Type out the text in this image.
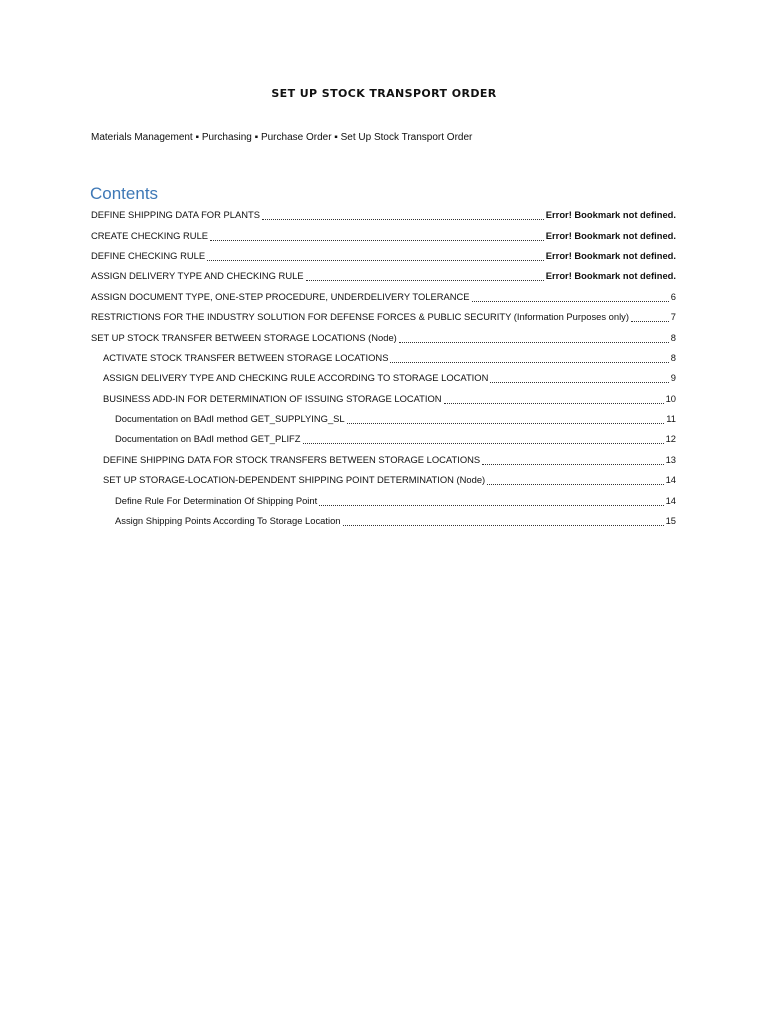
SET UP STOCK TRANSPORT ORDER
Materials Management ▪ Purchasing ▪ Purchase Order ▪ Set Up Stock Transport Order
Contents
DEFINE SHIPPING DATA FOR PLANTS	Error! Bookmark not defined.
CREATE CHECKING RULE	Error! Bookmark not defined.
DEFINE CHECKING RULE	Error! Bookmark not defined.
ASSIGN DELIVERY TYPE AND CHECKING RULE	Error! Bookmark not defined.
ASSIGN DOCUMENT TYPE, ONE-STEP PROCEDURE, UNDERDELIVERY TOLERANCE	6
RESTRICTIONS FOR THE INDUSTRY SOLUTION FOR DEFENSE FORCES & PUBLIC SECURITY (Information Purposes only)	7
SET UP STOCK TRANSFER BETWEEN STORAGE LOCATIONS (Node)	8
ACTIVATE STOCK TRANSFER BETWEEN STORAGE LOCATIONS	8
ASSIGN DELIVERY TYPE AND CHECKING RULE ACCORDING TO STORAGE LOCATION	9
BUSINESS ADD-IN FOR DETERMINATION OF ISSUING STORAGE LOCATION	10
Documentation on BAdI method GET_SUPPLYING_SL	11
Documentation on BAdI method GET_PLIFZ	12
DEFINE SHIPPING DATA FOR STOCK TRANSFERS BETWEEN STORAGE LOCATIONS	13
SET UP STORAGE-LOCATION-DEPENDENT SHIPPING POINT DETERMINATION (Node)	14
Define Rule For Determination Of Shipping Point	14
Assign Shipping Points According To Storage Location	15
